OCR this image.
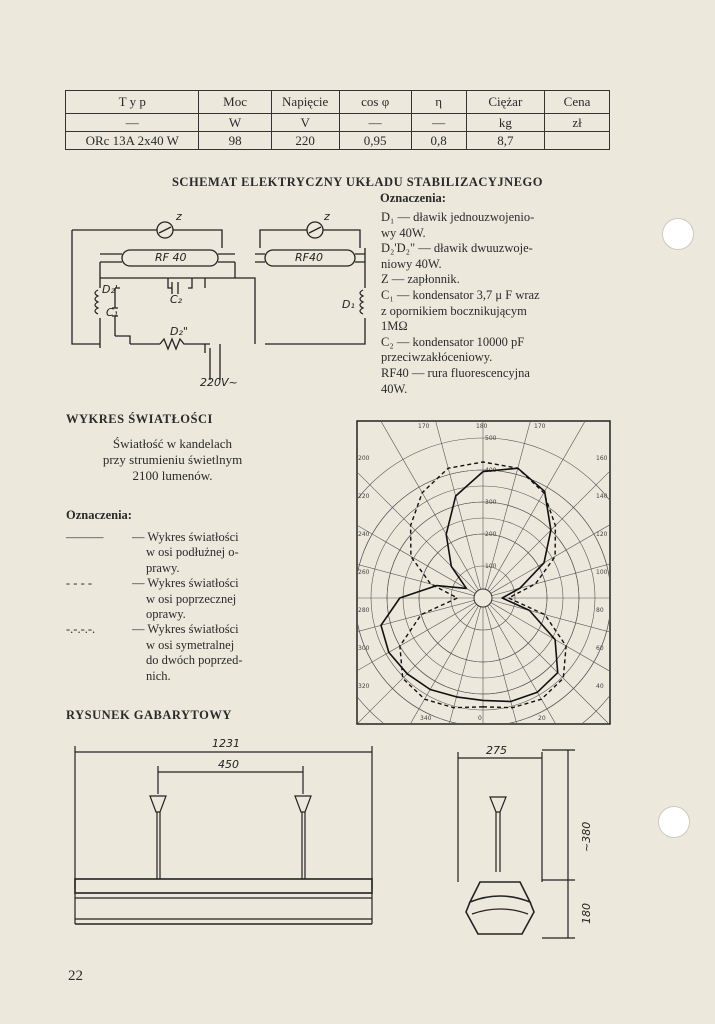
T y p	Moc	Napięcie	cos φ	η	Ciężar	Cena
—	W	V	—	—	kg	zł
ORc 13A 2x40 W	98	220	0,95	0,8	8,7	
SCHEMAT ELEKTRYCZNY UKŁADU STABILIZACYJNEGO
RF 40	RF40
z	z
D₂'
C₁
C₂
D₂"
D₁
220V~
Oznaczenia:
D₁ — dławik jednouzwojenio-
wy 40W.
D₂'D₂" — dławik dwuuzwoje-
niowy 40W.
Z — zapłonnik.
C₁ — kondensator 3,7 μ F wraz
z opornikiem bocznikującym
1MΩ
C₂ — kondensator 10000 pF
przeciwzakłóceniowy.
RF40 — rura fluorescencyjna
40W.
WYKRES ŚWIATŁOŚCI
Światłość w kandelach
przy strumieniu świetlnym
2100 lumenów.
Oznaczenia:
———	— Wykres światłości
w osi podłużnej o-
prawy.
- - - -	— Wykres światłości
w osi poprzecznej
oprawy.
-.-.-.-.	— Wykres światłości
w osi symetralnej
do dwóch poprzed-
nich.
100
200
300
400
500
170	180	170
200
220
240
260
280
300
320
160
140
120
100
80
60
40
340	0	20
RYSUNEK GABARYTOWY
1231
450
275
~380
180
22
